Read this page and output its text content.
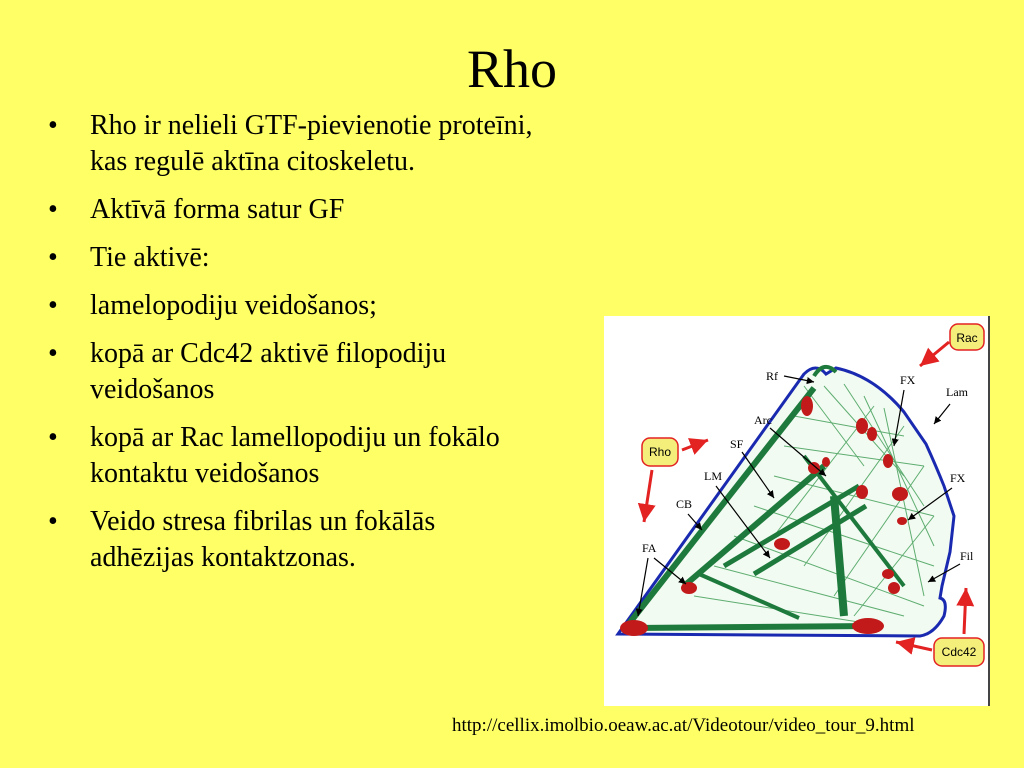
Rho
• Rho ir nelieli GTF-pievienotie proteīni,
kas regulē aktīna citoskeletu.
• Aktīvā forma satur GF
• Tie aktivē:
• lamelopodiju veidošanos;
• kopā ar Cdc42 aktivē filopodiju
veidošanos
• kopā ar Rac lamellopodiju un fokālo
kontaktu veidošanos
• Veido stresa fibrilas un fokālās
adhēzijas kontaktzonas.
Rac
Rho
Cdc42
Rf	FX
Lam
Arc
SF
LM	FX
CB
FA
Fil
http://cellix.imolbio.oeaw.ac.at/Videotour/video_tour_9.html
